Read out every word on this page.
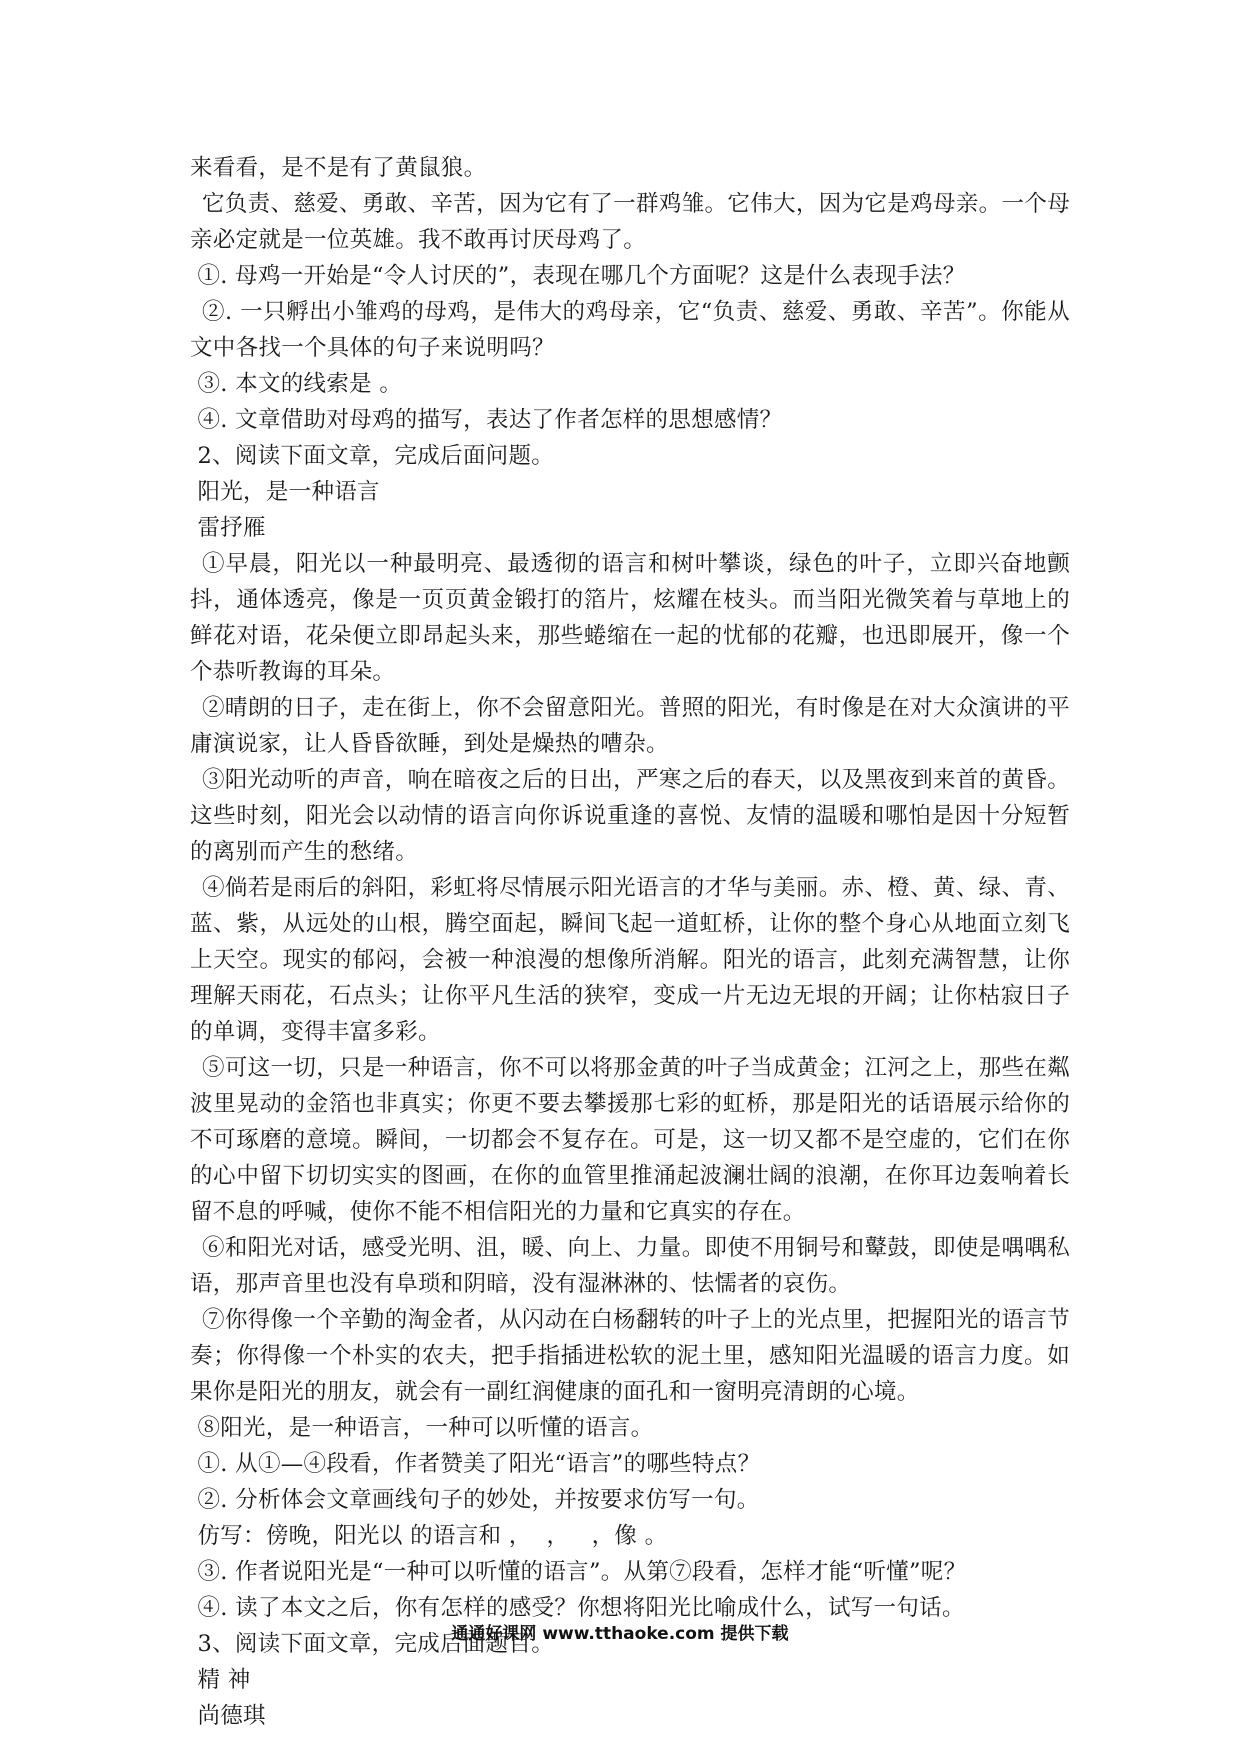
来看看，是不是有了黄鼠狼。

它负责、慈爱、勇敢、辛苦，因为它有了一群鸡雏。它伟大，因为它是鸡母亲。一个母亲必定就是一位英雄。我不敢再讨厌母鸡了。

①. 母鸡一开始是“令人讨厌的”，表现在哪几个方面呢？这是什么表现手法？

②. 一只孵出小雏鸡的母鸡，是伟大的鸡母亲，它“负责、慈爱、勇敢、辛苦”。你能从文中各找一个具体的句子来说明吗？

③. 本文的线索是 。

④. 文章借助对母鸡的描写，表达了作者怎样的思想感情？

2、阅读下面文章，完成后面问题。

阳光，是一种语言

雷抒雁

①早晨，阳光以一种最明亮、最透彻的语言和树叶攀谈，绿色的叶子，立即兴奋地颤抖，通体透亮，像是一页页黄金锻打的箔片，炫耀在枝头。而当阳光微笑着与草地上的鲜花对语，花朵便立即昂起头来，那些蜷缩在一起的忧郁的花瓣，也迅即展开，像一个个恭听教诲的耳朵。

②晴朗的日子，走在街上，你不会留意阳光。普照的阳光，有时像是在对大众演讲的平庸演说家，让人昏昏欲睡，到处是燥热的嘈杂。

③阳光动听的声音，响在暗夜之后的日出，严寒之后的春天，以及黑夜到来首的黄昏。这些时刻，阳光会以动情的语言向你诉说重逢的喜悦、友情的温暖和哪怕是因十分短暂的离别而产生的愁绪。

④倘若是雨后的斜阳，彩虹将尽情展示阳光语言的才华与美丽。赤、橙、黄、绿、青、蓝、紫，从远处的山根，腾空面起，瞬间飞起一道虹桥，让你的整个身心从地面立刻飞上天空。现实的郁闷，会被一种浪漫的想像所消解。阳光的语言，此刻充满智慧，让你理解天雨花，石点头；让你平凡生活的狭窄，变成一片无边无垠的开阔；让你枯寂日子的单调，变得丰富多彩。

⑤可这一切，只是一种语言，你不可以将那金黄的叶子当成黄金；江河之上，那些在粼波里晃动的金箔也非真实；你更不要去攀援那七彩的虹桥，那是阳光的话语展示给你的不可琢磨的意境。瞬间，一切都会不复存在。可是，这一切又都不是空虚的，它们在你的心中留下切切实实的图画，在你的血管里推涌起波澜壮阔的浪潮，在你耳边轰响着长留不息的呼喊，使你不能不相信阳光的力量和它真实的存在。

⑥和阳光对话，感受光明、沮，暖、向上、力量。即使不用铜号和鼙鼓，即使是喁喁私语，那声音里也没有阜琐和阴暗，没有湿淋淋的、怯懦者的哀伤。

⑦你得像一个辛勤的淘金者，从闪动在白杨翻转的叶子上的光点里，把握阳光的语言节奏；你得像一个朴实的农夫，把手指插进松软的泥土里，感知阳光温暖的语言力度。如果你是阳光的朋友，就会有一副红润健康的面孔和一窗明亮清朗的心境。

⑧阳光，是一种语言，一种可以听懂的语言。

①. 从①—④段看，作者赞美了阳光“语言”的哪些特点？

②. 分析体会文章画线句子的妙处，并按要求仿写一句。

仿写：傍晚，阳光以 的语言和 ，  ，   ，像 。

③. 作者说阳光是“一种可以听懂的语言”。从第⑦段看，怎样才能“听懂”呢？

④. 读了本文之后，你有怎样的感受？你想将阳光比喻成什么，试写一句话。

3、阅读下面文章，完成后面题目。

精 神

尚德琪

通通好课网 www.tthaoke.com 提供下载
